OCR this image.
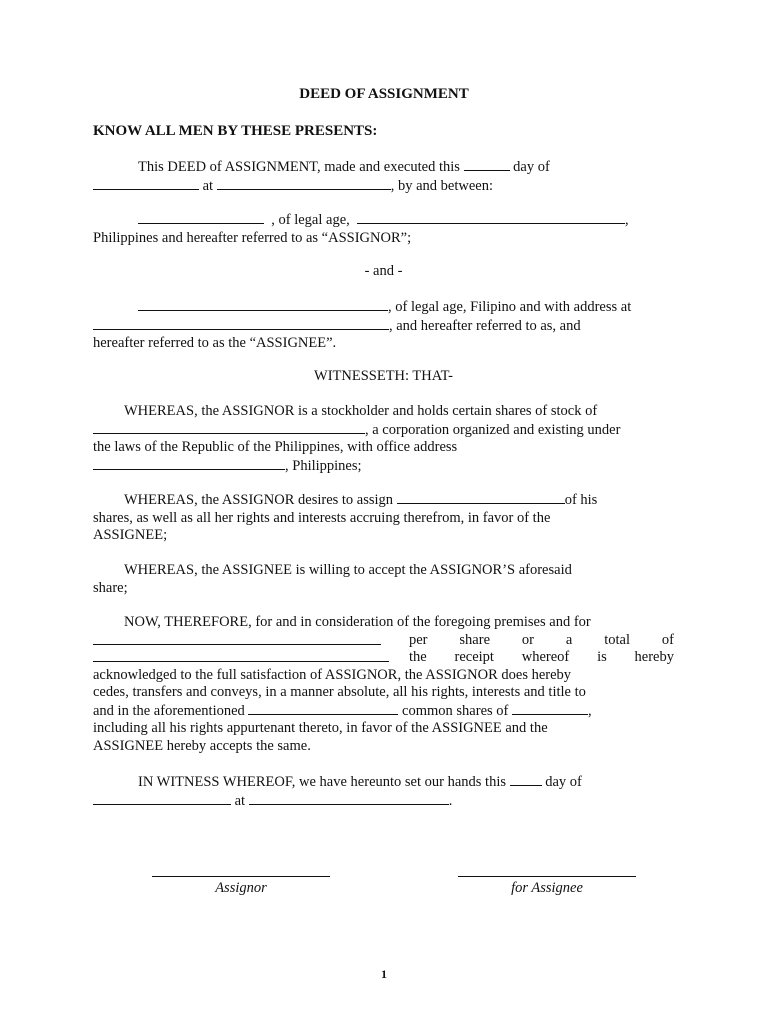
DEED OF ASSIGNMENT
KNOW ALL MEN BY THESE PRESENTS:
This DEED of ASSIGNMENT, made and executed this	day of
at	, by and between:
, of legal age,	,
Philippines and hereafter referred to as “ASSIGNOR”;
- and -
, of legal age, Filipino and with address at
, and hereafter referred to as, and
hereafter referred to as the “ASSIGNEE”.
WITNESSETH: THAT-
WHEREAS, the ASSIGNOR is a stockholder and holds certain shares of stock of
, a corporation organized and existing under
the laws of the Republic of the Philippines, with office address
, Philippines;
WHEREAS, the ASSIGNOR desires to assign	of his
shares, as well as all her rights and interests accruing therefrom, in favor of the
ASSIGNEE;
WHEREAS, the ASSIGNEE is willing to accept the ASSIGNOR’S aforesaid
share;
NOW, THEREFORE, for and in consideration of the foregoing premises and for
per share or a total of
the receipt whereof is hereby
acknowledged to the full satisfaction of ASSIGNOR, the ASSIGNOR does hereby
cedes, transfers and conveys, in a manner absolute, all his rights, interests and title to
and in the aforementioned	common shares of	,
including all his rights appurtenant thereto, in favor of the ASSIGNEE and the
ASSIGNEE hereby accepts the same.
IN WITNESS WHEREOF, we have hereunto set our hands this	day of
at	.
Assignor	for Assignee
1
